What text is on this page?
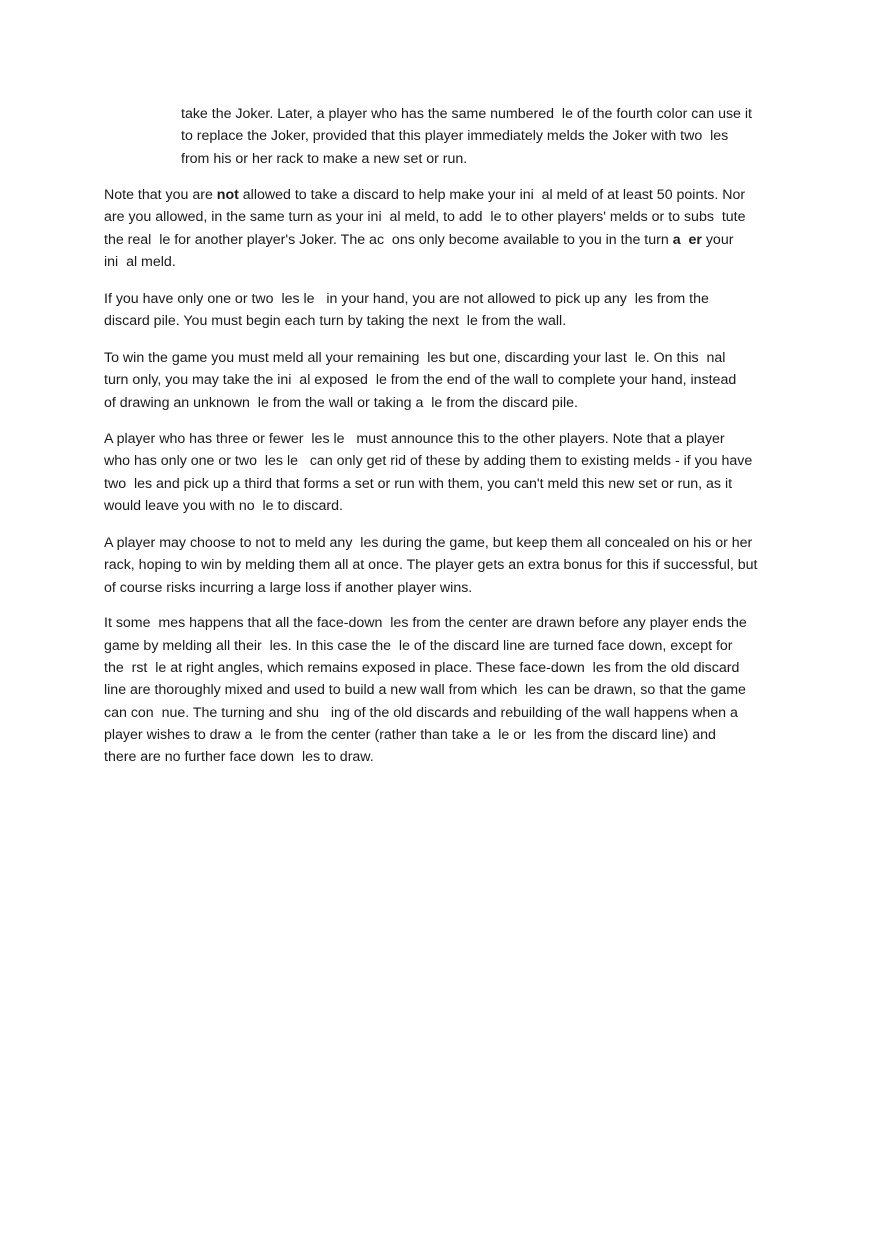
take the Joker. Later, a player who has the same numbered  le of the fourth color can use it
to replace the Joker, provided that this player immediately melds the Joker with two  les
from his or her rack to make a new set or run.
Note that you are not allowed to take a discard to help make your ini  al meld of at least 50 points. Nor
are you allowed, in the same turn as your ini  al meld, to add  le to other players' melds or to subs  tute
the real  le for another player's Joker. The ac  ons only become available to you in the turn a  er your
ini  al meld.
If you have only one or two  les le   in your hand, you are not allowed to pick up any  les from the
discard pile. You must begin each turn by taking the next  le from the wall.
To win the game you must meld all your remaining  les but one, discarding your last  le. On this  nal
turn only, you may take the ini  al exposed  le from the end of the wall to complete your hand, instead
of drawing an unknown  le from the wall or taking a  le from the discard pile.
A player who has three or fewer  les le   must announce this to the other players. Note that a player
who has only one or two  les le   can only get rid of these by adding them to existing melds - if you have
two  les and pick up a third that forms a set or run with them, you can't meld this new set or run, as it
would leave you with no  le to discard.
A player may choose to not to meld any  les during the game, but keep them all concealed on his or her
rack, hoping to win by melding them all at once. The player gets an extra bonus for this if successful, but
of course risks incurring a large loss if another player wins.
It some  mes happens that all the face-down  les from the center are drawn before any player ends the
game by melding all their  les. In this case the  le of the discard line are turned face down, except for
the  rst  le at right angles, which remains exposed in place. These face-down  les from the old discard
line are thoroughly mixed and used to build a new wall from which  les can be drawn, so that the game
can con  nue. The turning and shu   ing of the old discards and rebuilding of the wall happens when a
player wishes to draw a  le from the center (rather than take a  le or  les from the discard line) and
there are no further face down  les to draw.
